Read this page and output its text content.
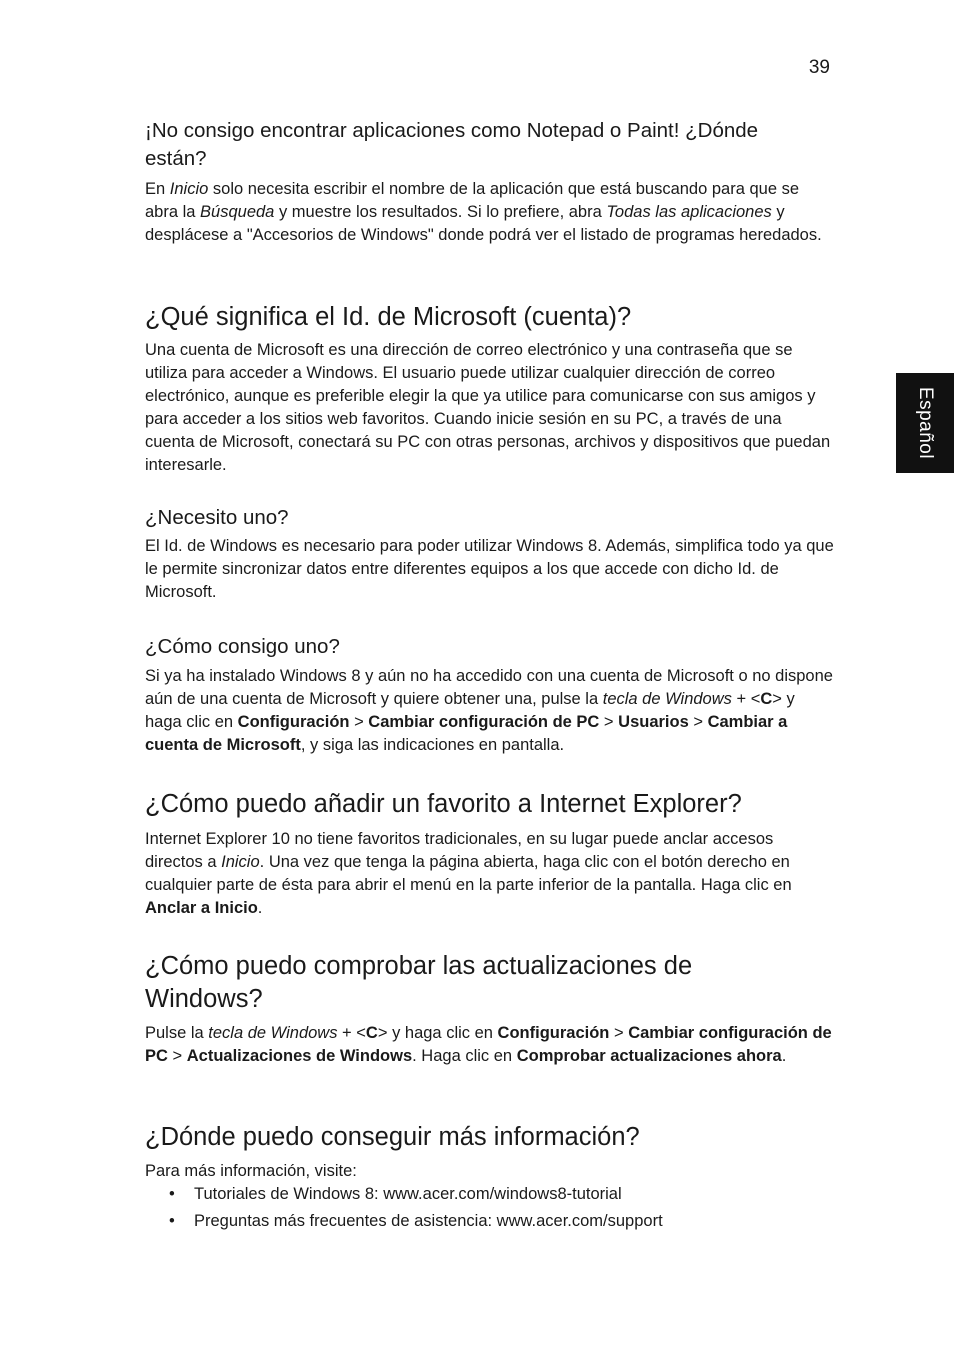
39
Español
¡No consigo encontrar aplicaciones como Notepad o Paint! ¿Dónde están?

En Inicio solo necesita escribir el nombre de la aplicación que está buscando para que se abra la Búsqueda y muestre los resultados. Si lo prefiere, abra Todas las aplicaciones y desplácese a "Accesorios de Windows" donde podrá ver el listado de programas heredados.

¿Qué significa el Id. de Microsoft (cuenta)?

Una cuenta de Microsoft es una dirección de correo electrónico y una contraseña que se utiliza para acceder a Windows. El usuario puede utilizar cualquier dirección de correo electrónico, aunque es preferible elegir la que ya utilice para comunicarse con sus amigos y para acceder a los sitios web favoritos. Cuando inicie sesión en su PC, a través de una cuenta de Microsoft, conectará su PC con otras personas, archivos y dispositivos que puedan interesarle.

¿Necesito uno?

El Id. de Windows es necesario para poder utilizar Windows 8. Además, simplifica todo ya que le permite sincronizar datos entre diferentes equipos a los que accede con dicho Id. de Microsoft.

¿Cómo consigo uno?

Si ya ha instalado Windows 8 y aún no ha accedido con una cuenta de Microsoft o no dispone aún de una cuenta de Microsoft y quiere obtener una, pulse la tecla de Windows + <C> y haga clic en Configuración > Cambiar configuración de PC > Usuarios > Cambiar a cuenta de Microsoft, y siga las indicaciones en pantalla.

¿Cómo puedo añadir un favorito a Internet Explorer?

Internet Explorer 10 no tiene favoritos tradicionales, en su lugar puede anclar accesos directos a Inicio. Una vez que tenga la página abierta, haga clic con el botón derecho en cualquier parte de ésta para abrir el menú en la parte inferior de la pantalla. Haga clic en Anclar a Inicio.

¿Cómo puedo comprobar las actualizaciones de Windows?

Pulse la tecla de Windows + <C> y haga clic en Configuración > Cambiar configuración de PC > Actualizaciones de Windows. Haga clic en Comprobar actualizaciones ahora.

¿Dónde puedo conseguir más información?

Para más información, visite:

• Tutoriales de Windows 8: www.acer.com/windows8-tutorial
• Preguntas más frecuentes de asistencia: www.acer.com/support
